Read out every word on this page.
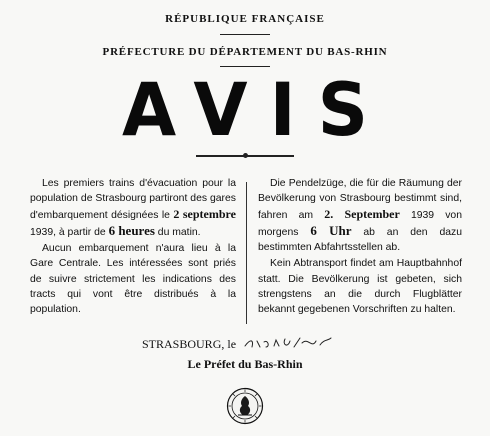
RÉPUBLIQUE FRANÇAISE
PRÉFECTURE DU DÉPARTEMENT DU BAS-RHIN
AVIS

Les premiers trains d'évacuation pour la population de Strasbourg partiront des gares d'embarquement désignées le 2 septembre 1939, à partir de 6 heures du matin.

Aucun embarquement n'aura lieu à la Gare Centrale. Les intéressées sont priés de suivre strictement les indications des tracts qui vont être distribués à la population.

Die Pendelzüge, die für die Räumung der Bevölkerung von Strasbourg bestimmt sind, fahren am 2. September 1939 von morgens 6 Uhr ab an den dazu bestimmten Abfahrtsstellen ab.

Kein Abtransport findet am Hauptbahnhof statt. Die Bevölkerung ist gebeten, sich strengstens an die durch Flugblätter bekannt gegebenen Vorschriften zu halten.

STRASBOURG, le
Le Préfet du Bas-Rhin
